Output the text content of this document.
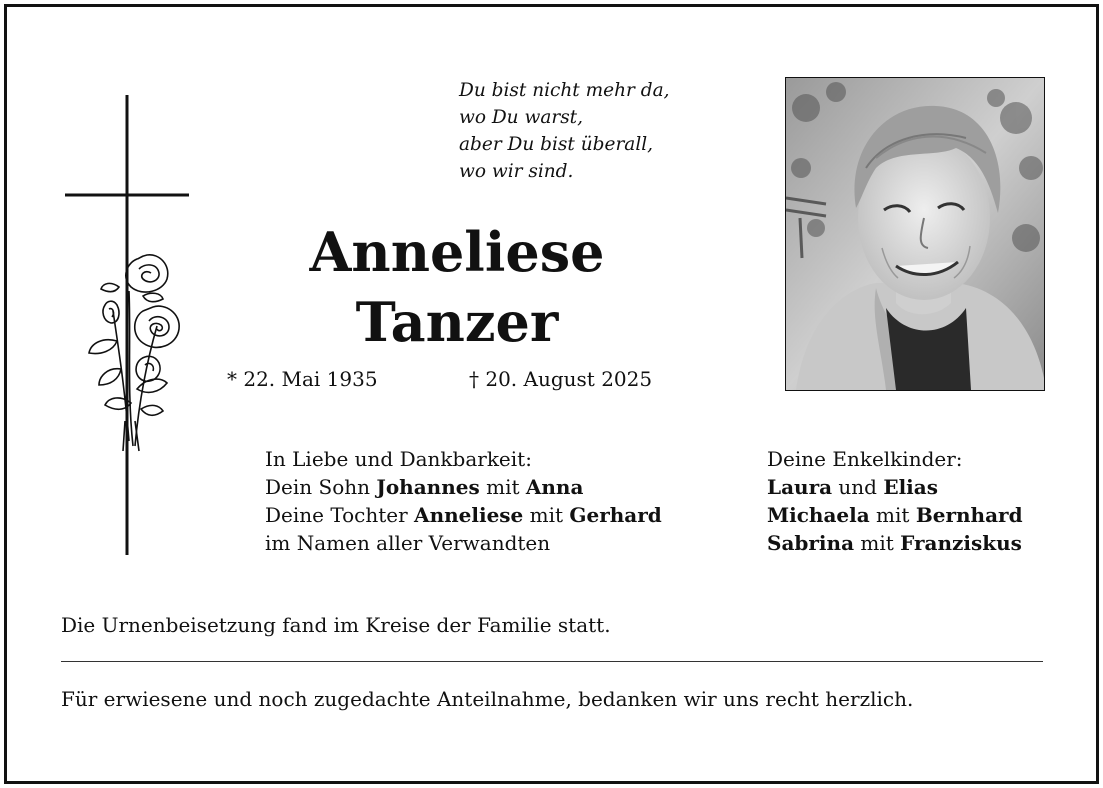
Du bist nicht mehr da,
wo Du warst,
aber Du bist überall,
wo wir sind.
Anneliese
Tanzer
* 22. Mai 1935	† 20. August 2025
In Liebe und Dankbarkeit:
Dein Sohn Johannes mit Anna
Deine Tochter Anneliese mit Gerhard
im Namen aller Verwandten
Deine Enkelkinder:
Laura und Elias
Michaela mit Bernhard
Sabrina mit Franziskus
Die Urnenbeisetzung fand im Kreise der Familie statt.
Für erwiesene und noch zugedachte Anteilnahme, bedanken wir uns recht herzlich.
